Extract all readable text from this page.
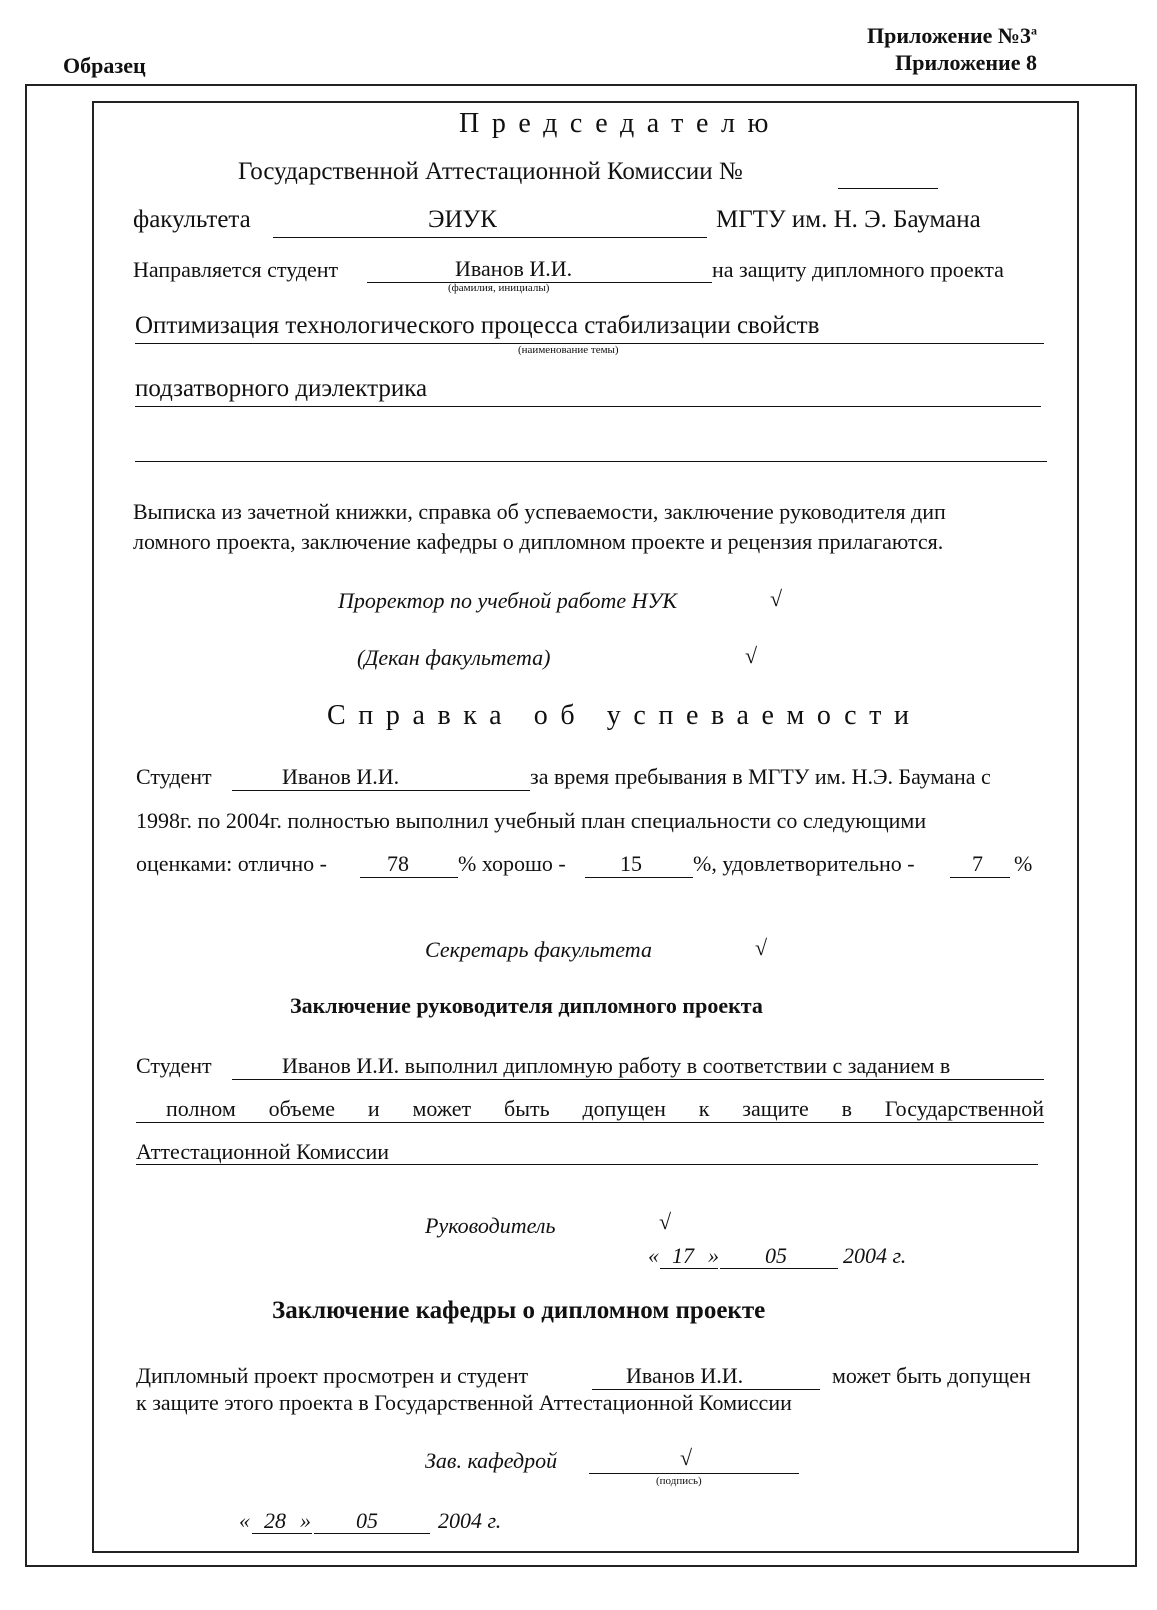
Образец
Приложение $№3^а$
Приложение 8
Председателю
Государственной Аттестационной Комиссии №
факультета	ЭИУК	МГТУ им. Н. Э. Баумана
Направляется студент	Иванов И.И.
(фамилия, инициалы)
на защиту дипломного проекта
Оптимизация технологического процесса стабилизации свойств
(наименование темы)
подзатворного диэлектрика
Выписка из зачетной книжки, справка об успеваемости, заключение руководителя дип
ломного проекта, заключение кафедры о дипломном проекте и рецензия прилагаются.
Проректор по учебной работе НУК	√
(Декан факультета)	√
Справка об успеваемости
Студент	Иванов И.И.	за время пребывания в МГТУ им. Н.Э. Баумана с
1998г. по 2004г. полностью выполнил учебный план специальности со следующими
оценками: отлично -	78 % хорошо - 15 %, удовлетворительно -	7 %
Секретарь факультета	√
Заключение руководителя дипломного проекта
Студент	Иванов И.И. выполнил дипломную работу в соответствии с заданием в
полном объеме и может быть допущен к защите в Государственной
Аттестационной Комиссии
Руководитель	√
« 17 » 05	2004 г.
Заключение кафедры о дипломном проекте
Дипломный проект просмотрен и студент	Иванов И.И.	может быть допущен
к защите этого проекта в Государственной Аттестационной Комиссии
Зав. кафедрой	√
(подпись)
« 28 » 05	2004 г.
